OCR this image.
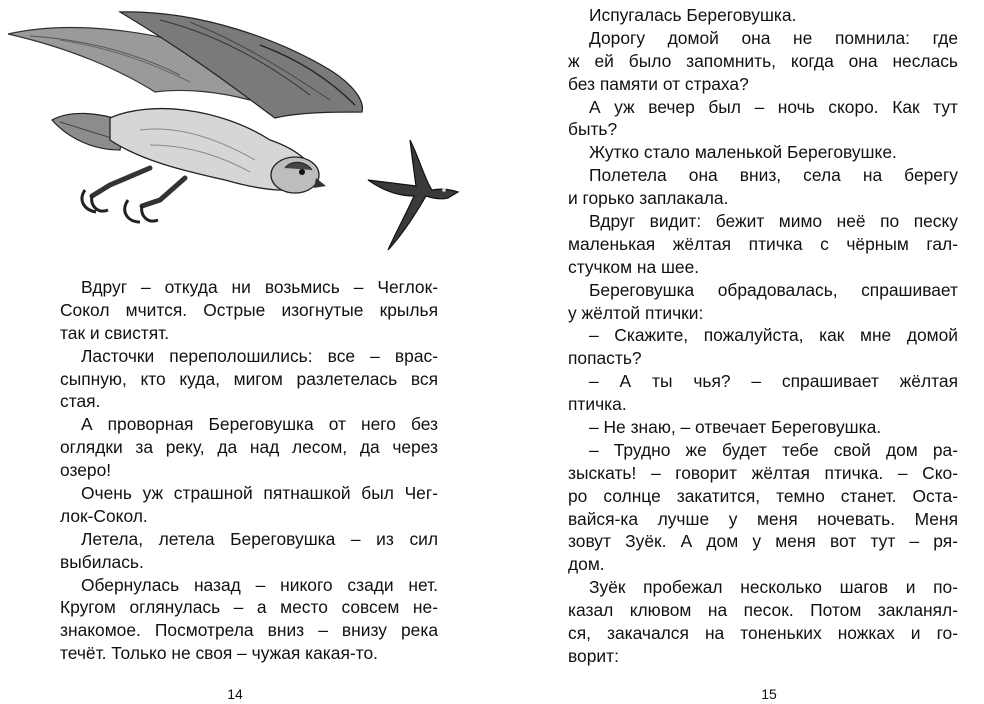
Вдруг – откуда ни возьмись – Чеглок-
Сокол мчится. Острые изогнутые крылья
так и свистят.

Ласточки переполошились: все – врас-
сыпную, кто куда, мигом разлетелась вся
стая.

А проворная Береговушка от него без
оглядки за реку, да над лесом, да через
озеро!

Очень уж страшной пятнашкой был Чег-
лок-Сокол.

Летела, летела Береговушка – из сил
выбилась.

Обернулась назад – никого сзади нет.
Кругом оглянулась – а место совсем не-
знакомое. Посмотрела вниз – внизу река
течёт. Только не своя – чужая какая-то.

14

Испугалась Береговушка.

Дорогу домой она не помнила: где
ж ей было запомнить, когда она неслась
без памяти от страха?

А уж вечер был – ночь скоро. Как тут
быть?

Жутко стало маленькой Береговушке.

Полетела она вниз, села на берегу
и горько заплакала.

Вдруг видит: бежит мимо неё по песку
маленькая жёлтая птичка с чёрным гал-
стучком на шее.

Береговушка обрадовалась, спрашивает
у жёлтой птички:

– Скажите, пожалуйста, как мне домой
попасть?

– А ты чья? – спрашивает жёлтая
птичка.

– Не знаю, – отвечает Береговушка.

– Трудно же будет тебе свой дом ра-
зыскать! – говорит жёлтая птичка. – Ско-
ро солнце закатится, темно станет. Оста-
вайся-ка лучше у меня ночевать. Меня
зовут Зуёк. А дом у меня вот тут – ря-
дом.

Зуёк пробежал несколько шагов и по-
казал клювом на песок. Потом закланял-
ся, закачался на тоненьких ножках и го-
ворит:

15
